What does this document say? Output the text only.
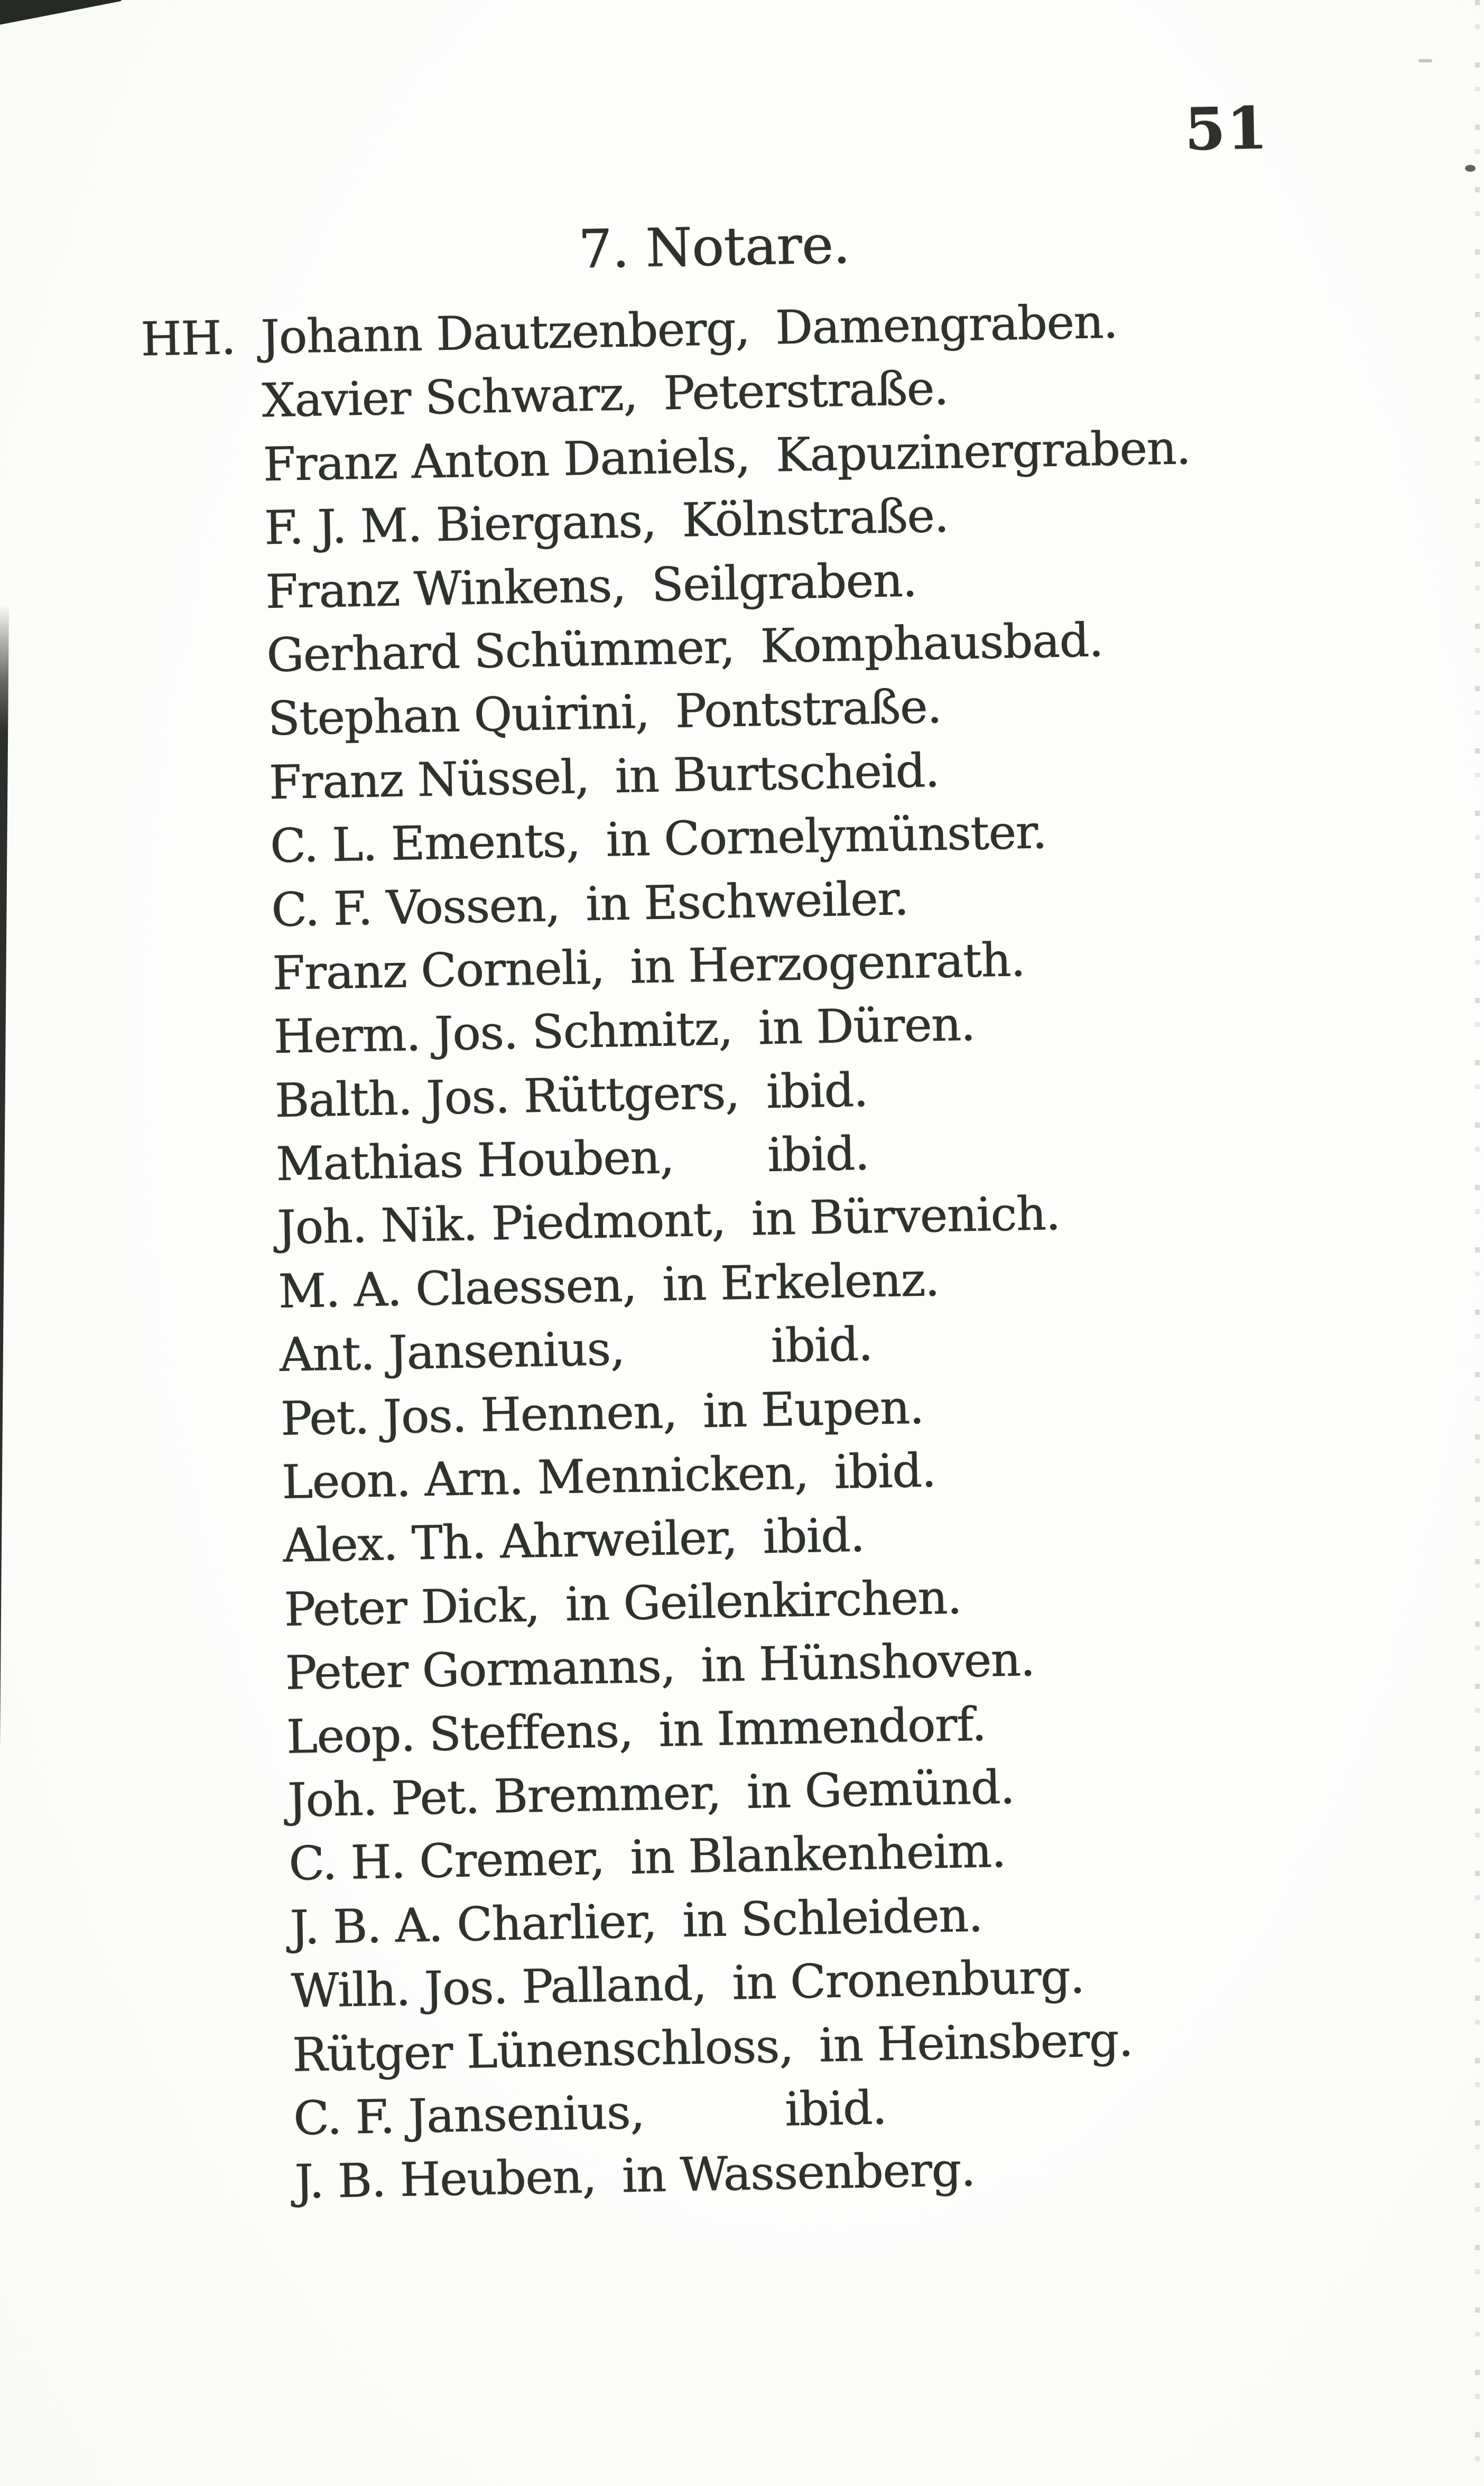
51
7. Notare.
HH. Johann Dautzenberg, Damengraben.
Xavier Schwarz, Peterstraße.
Franz Anton Daniels, Kapuzinergraben.
F. J. M. Biergans, Kölnstraße.
Franz Winkens, Seilgraben.
Gerhard Schümmer, Komphausbad.
Stephan Quirini, Pontstraße.
Franz Nüssel, in Burtscheid.
C. L. Ements, in Cornelymünster.
C. F. Vossen, in Eschweiler.
Franz Corneli, in Herzogenrath.
Herm. Jos. Schmitz, in Düren.
Balth. Jos. Rüttgers, ibid.
Mathias Houben, ibid.
Joh. Nik. Piedmont, in Bürvenich.
M. A. Claessen, in Erkelenz.
Ant. Jansenius,	ibid.
Pet. Jos. Hennen, in Eupen.
Leon. Arn. Mennicken, ibid.
Alex. Th. Ahrweiler, ibid.
Peter Dick, in Geilenkirchen.
Peter Gormanns, in Hünshoven.
Leop. Steffens, in Immendorf.
Joh. Pet. Bremmer, in Gemünd.
C. H. Cremer, in Blankenheim.
J. B. A. Charlier, in Schleiden.
Wilh. Jos. Palland, in Cronenburg.
Rütger Lünenschloss, in Heinsberg.
C. F. Jansenius,	ibid.
J. B. Heuben, in Wassenberg.
